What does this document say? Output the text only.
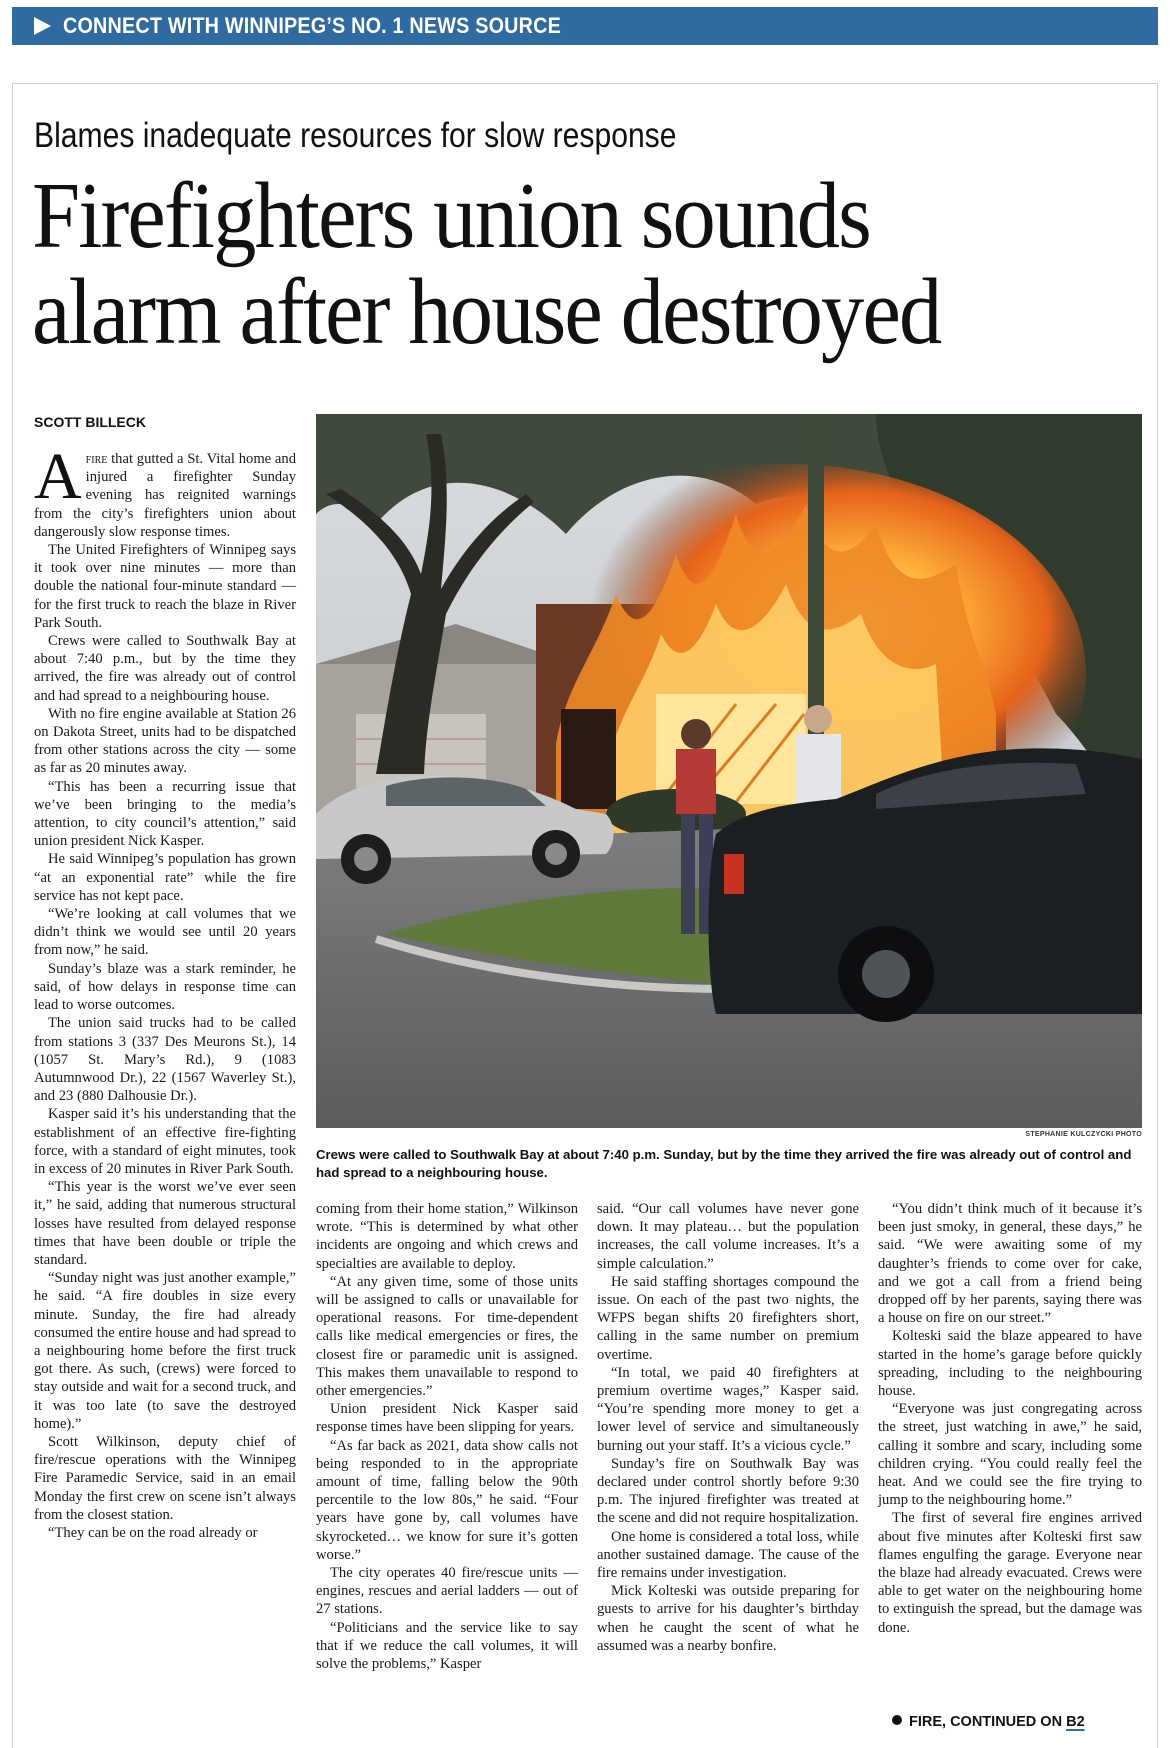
CONNECT WITH WINNIPEG’S NO. 1 NEWS SOURCE
Blames inadequate resources for slow response
Firefighters union sounds
alarm after house destroyed
SCOTT BILLECK
STEPHANIE KULCZYCKI PHOTO
Crews were called to Southwalk Bay at about 7:40 p.m. Sunday, but by the time they arrived the fire was already out of control and had spread to a neighbouring house.

Afire that gutted a St. Vital home and injured a firefighter Sunday evening has reignited warnings from the city’s firefighters union about dangerously slow response times.

The United Firefighters of Winnipeg says it took over nine minutes — more than double the national four-minute standard — for the first truck to reach the blaze in River Park South.

Crews were called to Southwalk Bay at about 7:40 p.m., but by the time they arrived, the fire was already out of control and had spread to a neighbouring house.

With no fire engine available at Station 26 on Dakota Street, units had to be dispatched from other stations across the city — some as far as 20 minutes away.

“This has been a recurring issue that we’ve been bringing to the media’s attention, to city council’s attention,” said union president Nick Kasper.

He said Winnipeg’s population has grown “at an exponential rate” while the fire service has not kept pace.

“We’re looking at call volumes that we didn’t think we would see until 20 years from now,” he said.

Sunday’s blaze was a stark reminder, he said, of how delays in response time can lead to worse outcomes.

The union said trucks had to be called from stations 3 (337 Des Meurons St.), 14 (1057 St. Mary’s Rd.), 9 (1083 Autumnwood Dr.), 22 (1567 Waverley St.), and 23 (880 Dalhousie Dr.).

Kasper said it’s his understanding that the establishment of an effective fire-fighting force, with a standard of eight minutes, took in excess of 20 minutes in River Park South.

“This year is the worst we’ve ever seen it,” he said, adding that numerous structural losses have resulted from delayed response times that have been double or triple the standard.

“Sunday night was just another example,” he said. “A fire doubles in size every minute. Sunday, the fire had already consumed the entire house and had spread to a neighbouring home before the first truck got there. As such, (crews) were forced to stay outside and wait for a second truck, and it was too late (to save the destroyed home).”

Scott Wilkinson, deputy chief of fire/rescue operations with the Winnipeg Fire Paramedic Service, said in an email Monday the first crew on scene isn’t always from the closest station.

“They can be on the road already or

coming from their home station,” Wilkinson wrote. “This is determined by what other incidents are ongoing and which crews and specialties are available to deploy.

“At any given time, some of those units will be assigned to calls or unavailable for operational reasons. For time-dependent calls like medical emergencies or fires, the closest fire or paramedic unit is assigned. This makes them unavailable to respond to other emergencies.”

Union president Nick Kasper said response times have been slipping for years.

“As far back as 2021, data show calls not being responded to in the appropriate amount of time, falling below the 90th percentile to the low 80s,” he said. “Four years have gone by, call volumes have skyrocketed… we know for sure it’s gotten worse.”

The city operates 40 fire/rescue units — engines, rescues and aerial ladders — out of 27 stations.

“Politicians and the service like to say that if we reduce the call volumes, it will solve the problems,” Kasper

said. “Our call volumes have never gone down. It may plateau… but the population increases, the call volume increases. It’s a simple calculation.”

He said staffing shortages compound the issue. On each of the past two nights, the WFPS began shifts 20 firefighters short, calling in the same number on premium overtime.

“In total, we paid 40 firefighters at premium overtime wages,” Kasper said. “You’re spending more money to get a lower level of service and simultaneously burning out your staff. It’s a vicious cycle.”

Sunday’s fire on Southwalk Bay was declared under control shortly before 9:30 p.m. The injured firefighter was treated at the scene and did not require hospitalization.

One home is considered a total loss, while another sustained damage. The cause of the fire remains under investigation.

Mick Kolteski was outside preparing for guests to arrive for his daughter’s birthday when he caught the scent of what he assumed was a nearby bonfire.

“You didn’t think much of it because it’s been just smoky, in general, these days,” he said. “We were awaiting some of my daughter’s friends to come over for cake, and we got a call from a friend being dropped off by her parents, saying there was a house on fire on our street.”

Kolteski said the blaze appeared to have started in the home’s garage before quickly spreading, including to the neighbouring house.

“Everyone was just congregating across the street, just watching in awe,” he said, calling it sombre and scary, including some children crying. “You could really feel the heat. And we could see the fire trying to jump to the neighbouring home.”

The first of several fire engines arrived about five minutes after Kolteski first saw flames engulfing the garage. Everyone near the blaze had already evacuated. Crews were able to get water on the neighbouring home to extinguish the spread, but the damage was done.

FIRE, CONTINUED ON B2
